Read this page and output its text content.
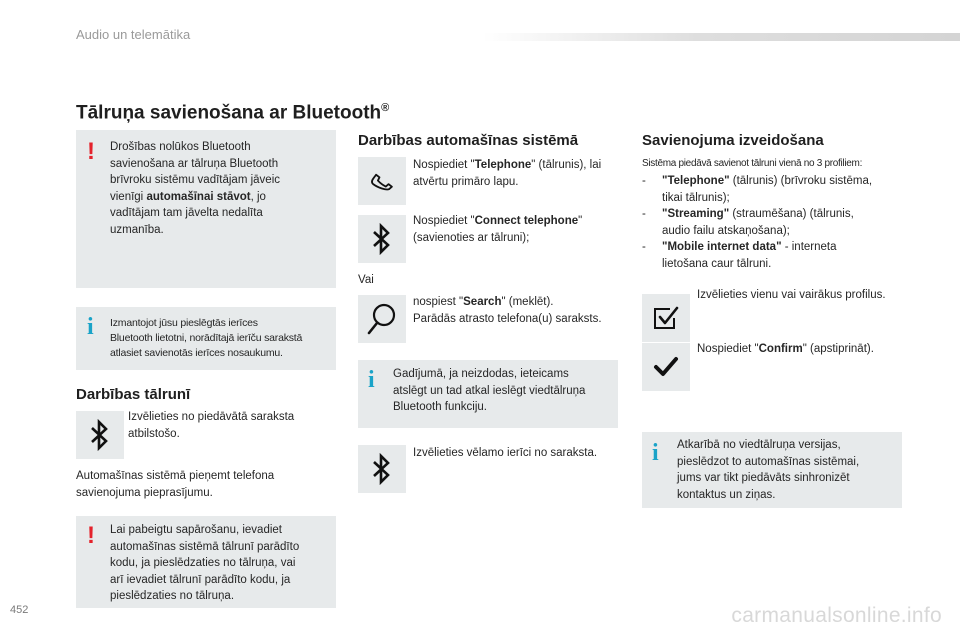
Audio un telemātika
Tālruņa savienošana ar Bluetooth®
! Drošības nolūkos Bluetooth
savienošana ar tālruņa Bluetooth
brīvroku sistēmu vadītājam jāveic
vienīgi automašīnai stāvot, jo
vadītājam tam jāvelta nedalīta
uzmanība.
i Izmantojot jūsu pieslēgtās ierīces
Bluetooth lietotni, norādītajā ierīču sarakstā
atlasiet savienotās ierīces nosaukumu.
Darbības tālrunī
Izvēlieties no piedāvātā saraksta
atbilstošo.
Automašīnas sistēmā pieņemt telefona
savienojuma pieprasījumu.
! Lai pabeigtu sapārošanu, ievadiet
automašīnas sistēmā tālrunī parādīto
kodu, ja pieslēdzaties no tālruņa, vai
arī ievadiet tālrunī parādīto kodu, ja
pieslēdzaties no tālruņa.
Darbības automašīnas sistēmā
Nospiediet "Telephone" (tālrunis), lai
atvērtu primāro lapu.
Nospiediet "Connect telephone"
(savienoties ar tālruni);
Vai
nospiest "Search" (meklēt).
Parādās atrasto telefona(u) saraksts.
i Gadījumā, ja neizdodas, ieteicams
atslēgt un tad atkal ieslēgt viedtālruņa
Bluetooth funkciju.
Izvēlieties vēlamo ierīci no saraksta.
Savienojuma izveidošana
Sistēma piedāvā savienot tālruni vienā no 3 profiliem:
-	"Telephone" (tālrunis) (brīvroku sistēma,
tikai tālrunis);
-	"Streaming" (straumēšana) (tālrunis,
audio failu atskaņošana);
-	"Mobile internet data" - interneta
lietošana caur tālruni.
Izvēlieties vienu vai vairākus profilus.
Nospiediet "Confirm" (apstiprināt).
i Atkarībā no viedtālruņa versijas,
pieslēdzot to automašīnas sistēmai,
jums var tikt piedāvāts sinhronizēt
kontaktus un ziņas.
452	carmanualsonline.info
